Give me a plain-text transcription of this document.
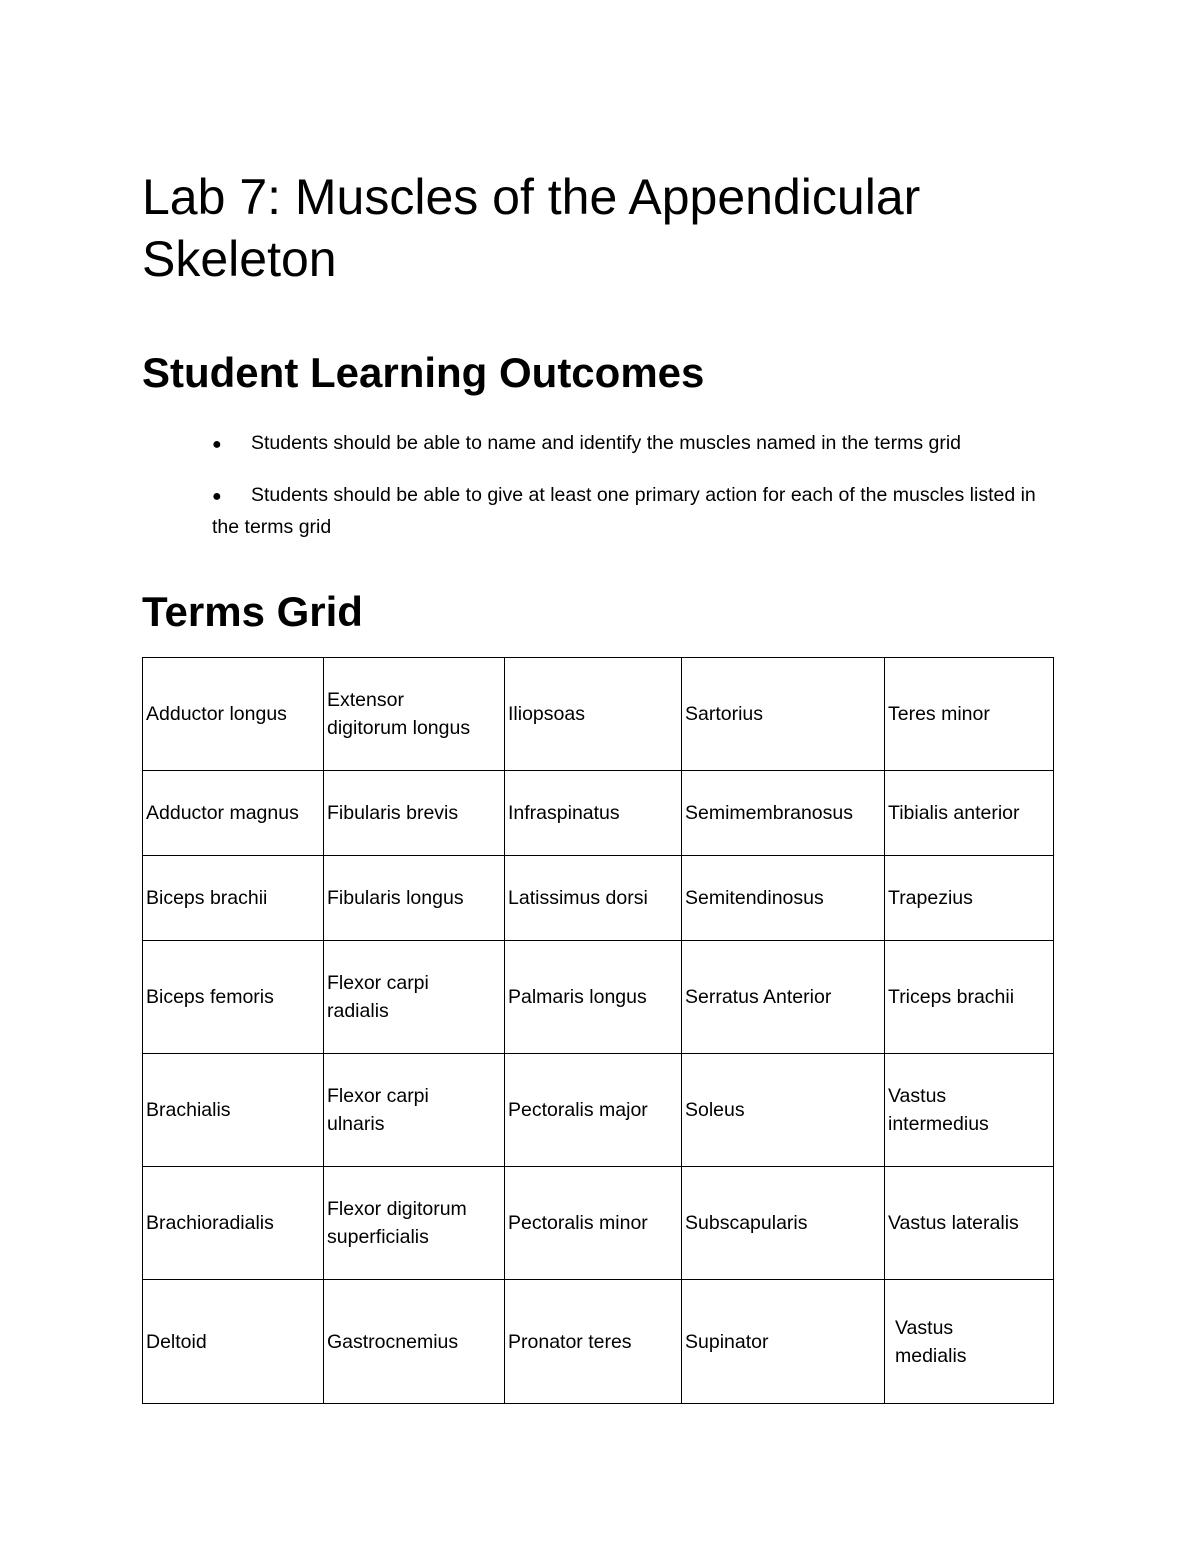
Lab 7: Muscles of the Appendicular Skeleton
Student Learning Outcomes
● Students should be able to name and identify the muscles named in the terms grid
● Students should be able to give at least one primary action for each of the muscles listed in the terms grid
Terms Grid
Adductor longus	Extensor digitorum longus	Iliopsoas	Sartorius	Teres minor

Adductor magnus	Fibularis brevis	Infraspinatus	Semimembranosus	Tibialis anterior

Biceps brachii	Fibularis longus	Latissimus dorsi	Semitendinosus	Trapezius

Biceps femoris	Flexor carpi radialis	Palmaris longus	Serratus Anterior	Triceps brachii

Brachialis	Flexor carpi ulnaris	Pectoralis major	Soleus	Vastus intermedius

Brachioradialis	Flexor digitorum superficialis	Pectoralis minor	Subscapularis	Vastus lateralis

Deltoid	Gastrocnemius	Pronator teres	Supinator	Vastus medialis
